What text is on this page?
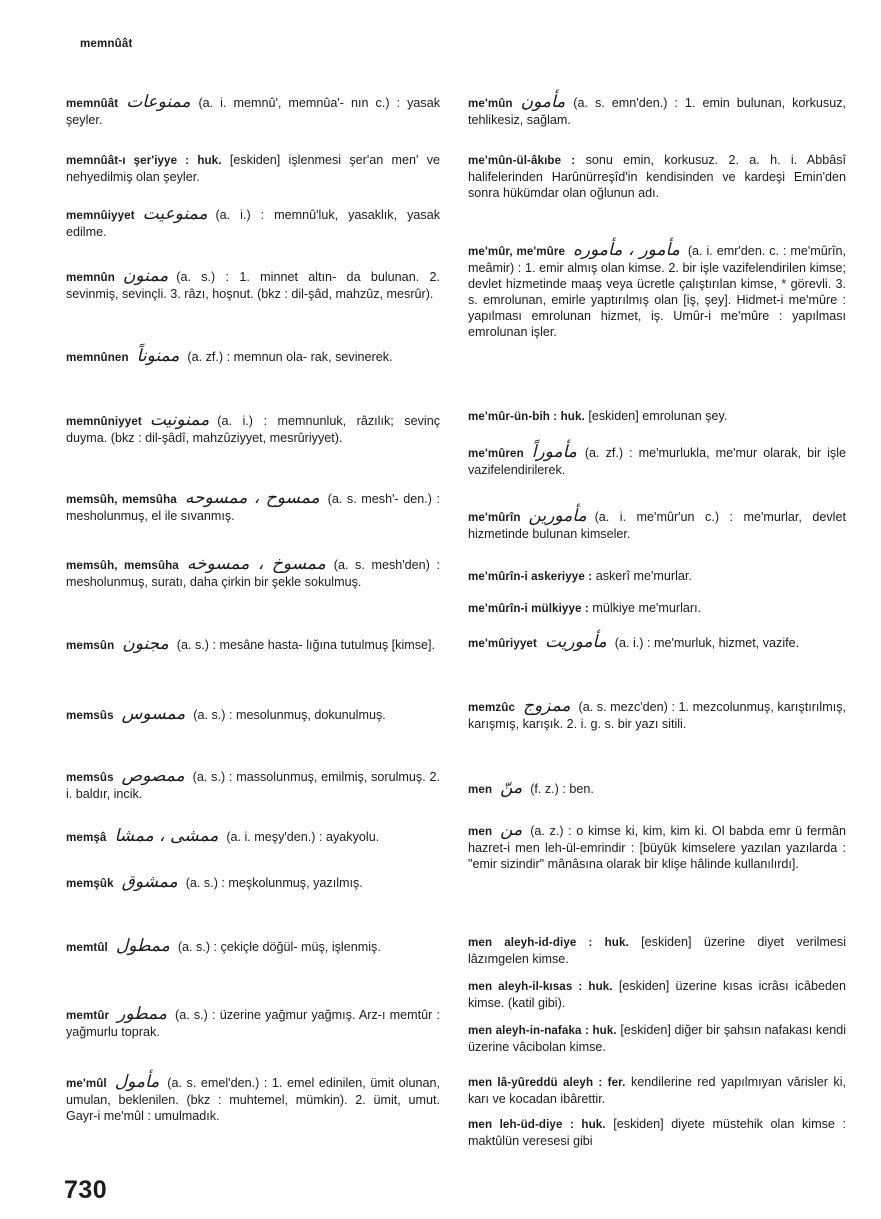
memnûât
memnûât ممنوعات (a. i. memnû', memnûa'- nın c.) : yasak şeyler.
memnûât-ı şer'iyye : huk. [eskiden] işlenmesi şer'an men' ve nehyedilmiş olan şeyler.
memnûiyyet ممنوعيت (a. i.) : memnû'luk, yasaklık, yasak edilme.
memnûn ممنون (a. s.) : 1. minnet altın- da bulunan. 2. sevinmiş, sevinçli. 3. râzı, hoşnut. (bkz : dil-şâd, mahzûz, mesrûr).
memnûnen ممنوناً (a. zf.) : memnun ola- rak, sevinerek.
memnûniyyet ممنونيت (a. i.) : memnunluk, râzılık; sevinç duyma. (bkz : dil-şâdî, mahzûziyyet, mesrûriyyet).
memsûh, memsûha ممسوح ، ممسوحه (a. s. mesh'- den.) : mesholunmuş, el ile sıvanmış.
memsûh, memsûha ممسوخ ، ممسوخه (a. s. mesh'den) : mesholunmuş, suratı, daha çirkin bir şekle sokulmuş.
memsûn مجنون (a. s.) : mesâne hasta- lığına tutulmuş [kimse].
memsûs ممسوس (a. s.) : mesolunmuş, dokunulmuş.
memsûs ممصوص (a. s.) : massolunmuş, emilmiş, sorulmuş. 2. i. baldır, incik.
memşâ ممشى ، ممشا (a. i. meşy'den.) : ayakyolu.
memşûk ممشوق (a. s.) : meşkolunmuş, yazılmış.
memtûl ممطول (a. s.) : çekiçle döğül- müş, işlenmiş.
memtûr ممطور (a. s.) : üzerine yağmur yağmış. Arz-ı memtûr : yağmurlu toprak.
me'mûl مأمول (a. s. emel'den.) : 1. emel edinilen, ümit olunan, umulan, beklenilen. (bkz : muhtemel, mümkin). 2. ümit, umut. Gayr-i me'mûl : umulmadık.
me'mûn مأمون (a. s. emn'den.) : 1. emin bulunan, korkusuz, tehlikesiz, sağlam.
me'mûn-ül-âkıbe : sonu emin, korkusuz. 2. a. h. i. Abbâsî halifelerinden Harûnürreşîd'in kendisinden ve kardeşi Emin'den sonra hükümdar olan oğlunun adı.
me'mûr, me'mûre مأمور ، مأموره (a. i. emr'den. c. : me'mûrîn, meâmir) : 1. emir almış olan kimse. 2. bir işle vazifelendirilen kimse; devlet hizmetinde maaş veya ücretle çalıştırılan kimse, * görevli. 3. s. emrolunan, emirle yaptırılmış olan [iş, şey]. Hidmet-i me'mûre : yapılması emrolunan hizmet, iş. Umûr-i me'mûre : yapılması emrolunan işler.
me'mûr-ün-bih : huk. [eskiden] emrolunan şey.
me'mûren مأموراً (a. zf.) : me'murlukla, me'mur olarak, bir işle vazifelendirilerek.
me'mûrîn مأمورين (a. i. me'mûr'un c.) : me'murlar, devlet hizmetinde bulunan kimseler.
me'mûrîn-i askeriyye : askerî me'murlar.
me'mûrîn-i mülkiyye : mülkiye me'murları.
me'mûriyyet مأموريت (a. i.) : me'murluk, hizmet, vazife.
memzûc ممزوج (a. s. mezc'den) : 1. mezcolunmuş, karıştırılmış, karışmış, karışık. 2. i. g. s. bir yazı sitili.
men منّ (f. z.) : ben.
men من (a. z.) : o kimse ki, kim, kim ki. Ol babda emr ü fermân hazret-i men leh-ül-emrindir : [büyük kimselere yazılan yazılarda : "emir sizindir" mânâsına olarak bir klişe hâlinde kullanılırdı].
men aleyh-id-diye : huk. [eskiden] üzerine diyet verilmesi lâzımgelen kimse.
men aleyh-il-kısas : huk. [eskiden] üzerine kısas icrâsı icâbeden kimse. (katil gibi).
men aleyh-in-nafaka : huk. [eskiden] diğer bir şahsın nafakası kendi üzerine vâcibolan kimse.
men lâ-yûreddü aleyh : fer. kendilerine red yapılmıyan vârisler ki, karı ve kocadan ibârettir.
men leh-üd-diye : huk. [eskiden] diyete müstehik olan kimse : maktûlün veresesi gibi
730
